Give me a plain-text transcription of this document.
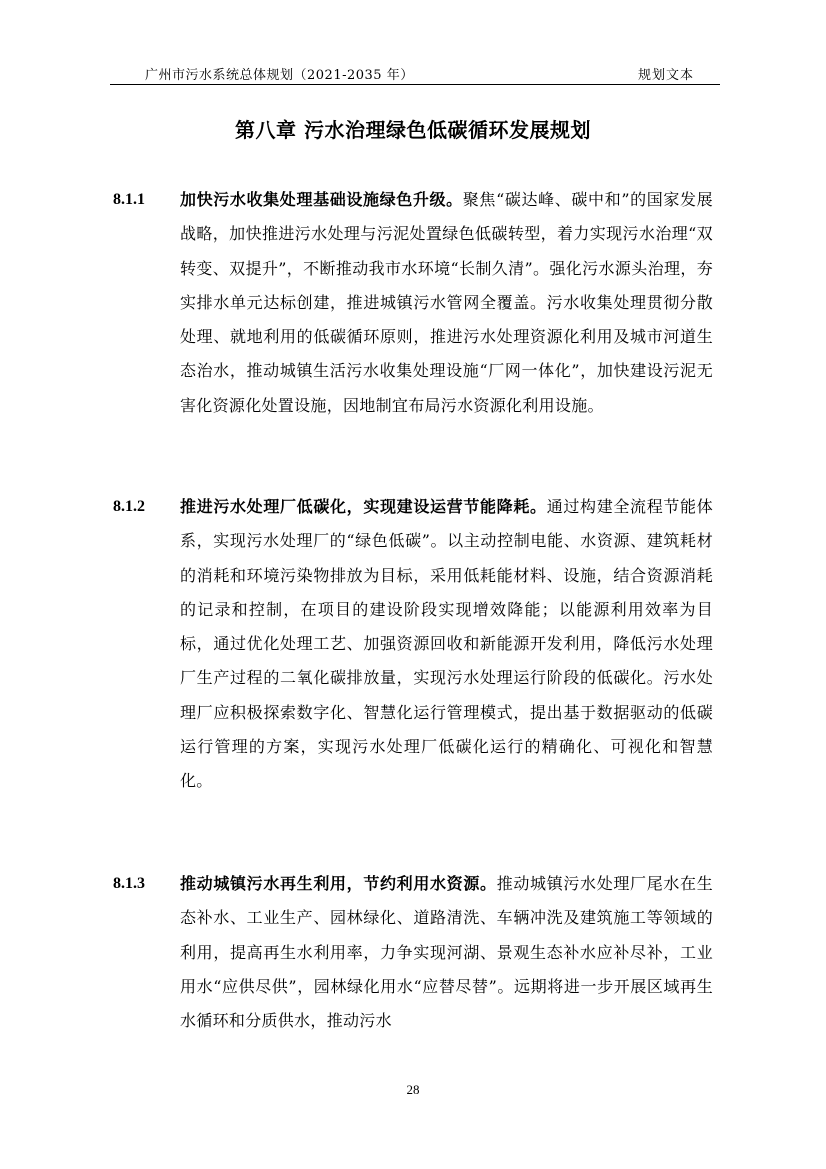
广州市污水系统总体规划（2021-2035 年）	规划文本
第八章 污水治理绿色低碳循环发展规划
8.1.1 加快污水收集处理基础设施绿色升级。聚焦“碳达峰、碳中和”的国家发展战略，加快推进污水处理与污泥处置绿色低碳转型，着力实现污水治理“双转变、双提升”，不断推动我市水环境“长制久清”。强化污水源头治理，夯实排水单元达标创建，推进城镇污水管网全覆盖。污水收集处理贯彻分散处理、就地利用的低碳循环原则，推进污水处理资源化利用及城市河道生态治水，推动城镇生活污水收集处理设施“厂网一体化”，加快建设污泥无害化资源化处置设施，因地制宜布局污水资源化利用设施。

8.1.2 推进污水处理厂低碳化，实现建设运营节能降耗。通过构建全流程节能体系，实现污水处理厂的“绿色低碳”。以主动控制电能、水资源、建筑耗材的消耗和环境污染物排放为目标，采用低耗能材料、设施，结合资源消耗的记录和控制，在项目的建设阶段实现增效降能；以能源利用效率为目标，通过优化处理工艺、加强资源回收和新能源开发利用，降低污水处理厂生产过程的二氧化碳排放量，实现污水处理运行阶段的低碳化。污水处理厂应积极探索数字化、智慧化运行管理模式，提出基于数据驱动的低碳运行管理的方案，实现污水处理厂低碳化运行的精确化、可视化和智慧化。

8.1.3 推动城镇污水再生利用，节约利用水资源。推动城镇污水处理厂尾水在生态补水、工业生产、园林绿化、道路清洗、车辆冲洗及建筑施工等领域的利用，提高再生水利用率，力争实现河湖、景观生态补水应补尽补，工业用水“应供尽供”，园林绿化用水“应替尽替”。远期将进一步开展区域再生水循环和分质供水，推动污水

28
